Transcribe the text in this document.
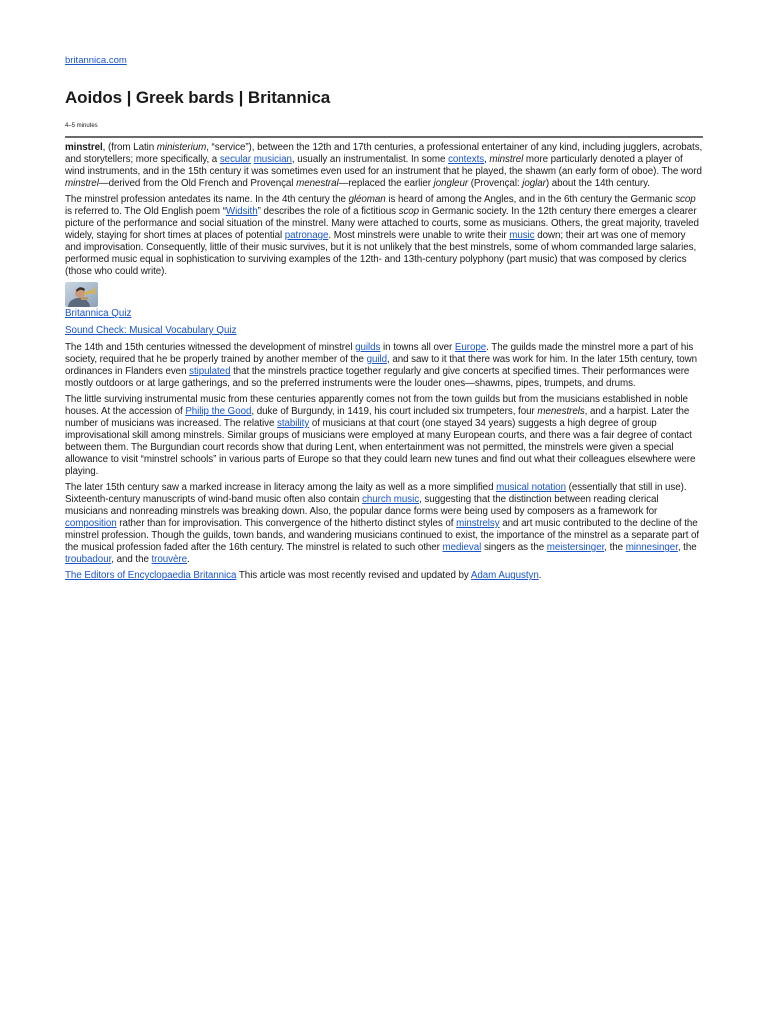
britannica.com
Aoidos | Greek bards | Britannica
4–5 minutes

minstrel, (from Latin ministerium, “service”), between the 12th and 17th centuries, a professional entertainer of any kind, including jugglers, acrobats, and storytellers; more specifically, a secular musician, usually an instrumentalist. In some contexts, minstrel more particularly denoted a player of wind instruments, and in the 15th century it was sometimes even used for an instrument that he played, the shawm (an early form of oboe). The word minstrel—derived from the Old French and Provençal menestral—replaced the earlier jongleur (Provençal: joglar) about the 14th century.

The minstrel profession antedates its name. In the 4th century the gléoman is heard of among the Angles, and in the 6th century the Germanic scop is referred to. The Old English poem “Widsith” describes the role of a fictitious scop in Germanic society. In the 12th century there emerges a clearer picture of the performance and social situation of the minstrel. Many were attached to courts, some as musicians. Others, the great majority, traveled widely, staying for short times at places of potential patronage. Most minstrels were unable to write their music down; their art was one of memory and improvisation. Consequently, little of their music survives, but it is not unlikely that the best minstrels, some of whom commanded large salaries, performed music equal in sophistication to surviving examples of the 12th- and 13th-century polyphony (part music) that was composed by clerics (those who could write).

Britannica Quiz
Sound Check: Musical Vocabulary Quiz

The 14th and 15th centuries witnessed the development of minstrel guilds in towns all over Europe. The guilds made the minstrel more a part of his society, required that he be properly trained by another member of the guild, and saw to it that there was work for him. In the later 15th century, town ordinances in Flanders even stipulated that the minstrels practice together regularly and give concerts at specified times. Their performances were mostly outdoors or at large gatherings, and so the preferred instruments were the louder ones—shawms, pipes, trumpets, and drums.

The little surviving instrumental music from these centuries apparently comes not from the town guilds but from the musicians established in noble houses. At the accession of Philip the Good, duke of Burgundy, in 1419, his court included six trumpeters, four menestrels, and a harpist. Later the number of musicians was increased. The relative stability of musicians at that court (one stayed 34 years) suggests a high degree of group improvisational skill among minstrels. Similar groups of musicians were employed at many European courts, and there was a fair degree of contact between them. The Burgundian court records show that during Lent, when entertainment was not permitted, the minstrels were given a special allowance to visit “minstrel schools” in various parts of Europe so that they could learn new tunes and find out what their colleagues elsewhere were playing.

The later 15th century saw a marked increase in literacy among the laity as well as a more simplified musical notation (essentially that still in use). Sixteenth-century manuscripts of wind-band music often also contain church music, suggesting that the distinction between reading clerical musicians and nonreading minstrels was breaking down. Also, the popular dance forms were being used by composers as a framework for composition rather than for improvisation. This convergence of the hitherto distinct styles of minstrelsy and art music contributed to the decline of the minstrel profession. Though the guilds, town bands, and wandering musicians continued to exist, the importance of the minstrel as a separate part of the musical profession faded after the 16th century. The minstrel is related to such other medieval singers as the meistersinger, the minnesinger, the troubadour, and the trouvère.

The Editors of Encyclopaedia Britannica This article was most recently revised and updated by Adam Augustyn.
